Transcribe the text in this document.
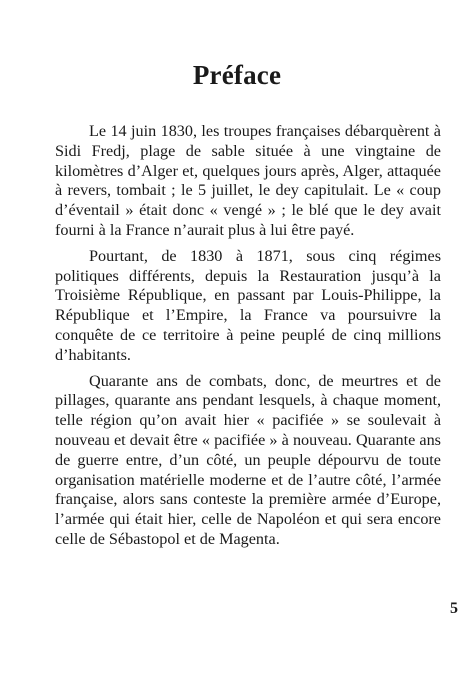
Préface

Le 14 juin 1830, les troupes françaises débarquèrent à Sidi Fredj, plage de sable située à une vingtaine de kilomètres d’Alger et, quelques jours après, Alger, attaquée à revers, tombait ; le 5 juillet, le dey capitulait. Le « coup d’éventail » était donc « vengé » ; le blé que le dey avait fourni à la France n’aurait plus à lui être payé.

Pourtant, de 1830 à 1871, sous cinq régimes politiques différents, depuis la Restauration jusqu’à la Troisième République, en passant par Louis-Philippe, la République et l’Empire, la France va poursuivre la conquête de ce territoire à peine peuplé de cinq millions d’habitants.

Quarante ans de combats, donc, de meurtres et de pillages, quarante ans pendant lesquels, à chaque moment, telle région qu’on avait hier « pacifiée » se soulevait à nouveau et devait être « pacifiée » à nouveau. Quarante ans de guerre entre, d’un côté, un peuple dépourvu de toute organisation matérielle moderne et de l’autre côté, l’armée française, alors sans conteste la première armée d’Europe, l’armée qui était hier, celle de Napoléon et qui sera encore celle de Sébastopol et de Magenta.

5
